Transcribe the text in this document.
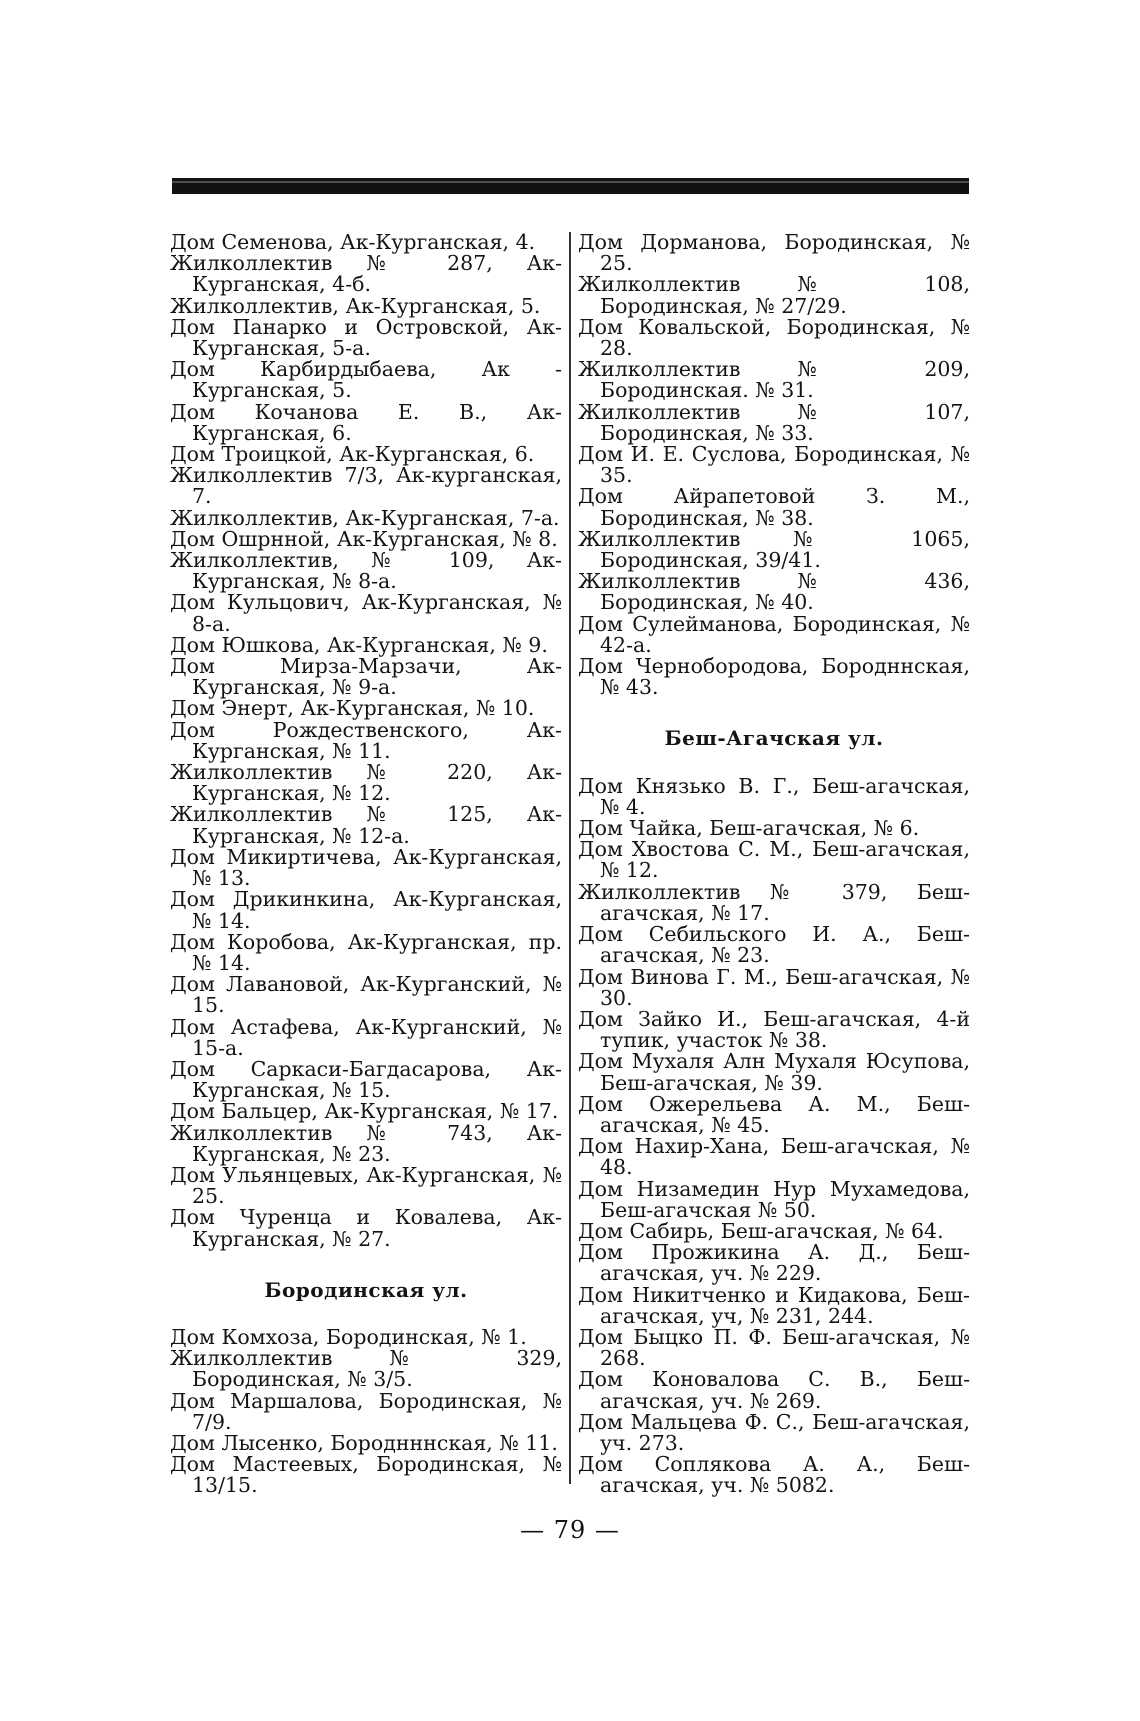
Дом Семенова, Ак-Курганская, 4.

Жилколлектив № 287, Ак-Курганская, 4-б.

Жилколлектив, Ак-Курганская, 5.

Дом Панарко и Островской, Ак-Курганская, 5-а.

Дом Карбирдыбаева, Ак - Курганская, 5.

Дом Кочанова Е. В., Ак-Курганская, 6.

Дом Троицкой, Ак-Курганская, 6.

Жилколлектив 7/3, Ак-курганская, 7.

Жилколлектив, Ак-Курганская, 7-а.

Дом Ошрнной, Ак-Курганская, № 8.

Жилколлектив, № 109, Ак-Курганская, № 8-а.

Дом Кульцович, Ак-Курганская, № 8-а.

Дом Юшкова, Ак-Курганская, № 9.

Дом Мирза-Марзачи, Ак-Курганская, № 9-а.

Дом Энерт, Ак-Курганская, № 10.

Дом Рождественского, Ак-Курганская, № 11.

Жилколлектив № 220, Ак-Курганская, № 12.

Жилколлектив № 125, Ак-Курганская, № 12-а.

Дом Микиртичева, Ак-Курганская, № 13.

Дом Дрикинкина, Ак-Курганская, № 14.

Дом Коробова, Ак-Курганская, пр. № 14.

Дом Лавановой, Ак-Курганский, № 15.

Дом Астафева, Ак-Курганский, № 15-а.

Дом Саркаси-Багдасарова, Ак-Курганская, № 15.

Дом Бальцер, Ак-Курганская, № 17.

Жилколлектив № 743, Ак-Курганская, № 23.

Дом Ульянцевых, Ак-Курганская, № 25.

Дом Чуренца и Ковалева, Ак-Курганская, № 27.

Бородинская ул.

Дом Комхоза, Бородинская, № 1.

Жилколлектив № 329, Бородинская, № 3/5.

Дом Маршалова, Бородинская, № 7/9.

Дом Лысенко, Бороднннская, № 11.

Дом Мастеевых, Бородинская, № 13/15.

Дом Дорманова, Бородинская, № 25.

Жилколлектив № 108, Бородинская, № 27/29.

Дом Ковальской, Бородинская, № 28.

Жилколлектив № 209, Бородинская. № 31.

Жилколлектив № 107, Бородинская, № 33.

Дом И. Е. Суслова, Бородинская, № 35.

Дом Айрапетовой З. М., Бородинская, № 38.

Жилколлектив № 1065, Бородинская, 39/41.

Жилколлектив № 436, Бородинская, № 40.

Дом Сулейманова, Бородинская, № 42-а.

Дом Чернобородова, Бородннская, № 43.

Беш-Агачская ул.

Дом Князько В. Г., Беш-агачская, № 4.

Дом Чайка, Беш-агачская, № 6.

Дом Хвостова С. М., Беш-агачская, № 12.

Жилколлектив № 379, Беш-агачская, № 17.

Дом Себильского И. А., Беш-агачская, № 23.

Дом Винова Г. М., Беш-агачская, № 30.

Дом Зайко И., Беш-агачская, 4-й тупик, участок № 38.

Дом Мухаля Алн Мухаля Юсупова, Беш-агачская, № 39.

Дом Ожерельева А. М., Беш-агачская, № 45.

Дом Нахир-Хана, Беш-агачская, № 48.

Дом Низамедин Нур Мухамедова, Беш-агачская № 50.

Дом Сабирь, Беш-агачская, № 64.

Дом Прожикина А. Д., Беш-агачская, уч. № 229.

Дом Никитченко и Кидакова, Беш-агачская, уч, № 231, 244.

Дом Быцко П. Ф. Беш-агачская, № 268.

Дом Коновалова С. В., Беш-агачская, уч. № 269.

Дом Мальцева Ф. С., Беш-агачская, уч. 273.

Дом Сопляковa А. А., Беш-агачская, уч. № 5082.

— 79 —
